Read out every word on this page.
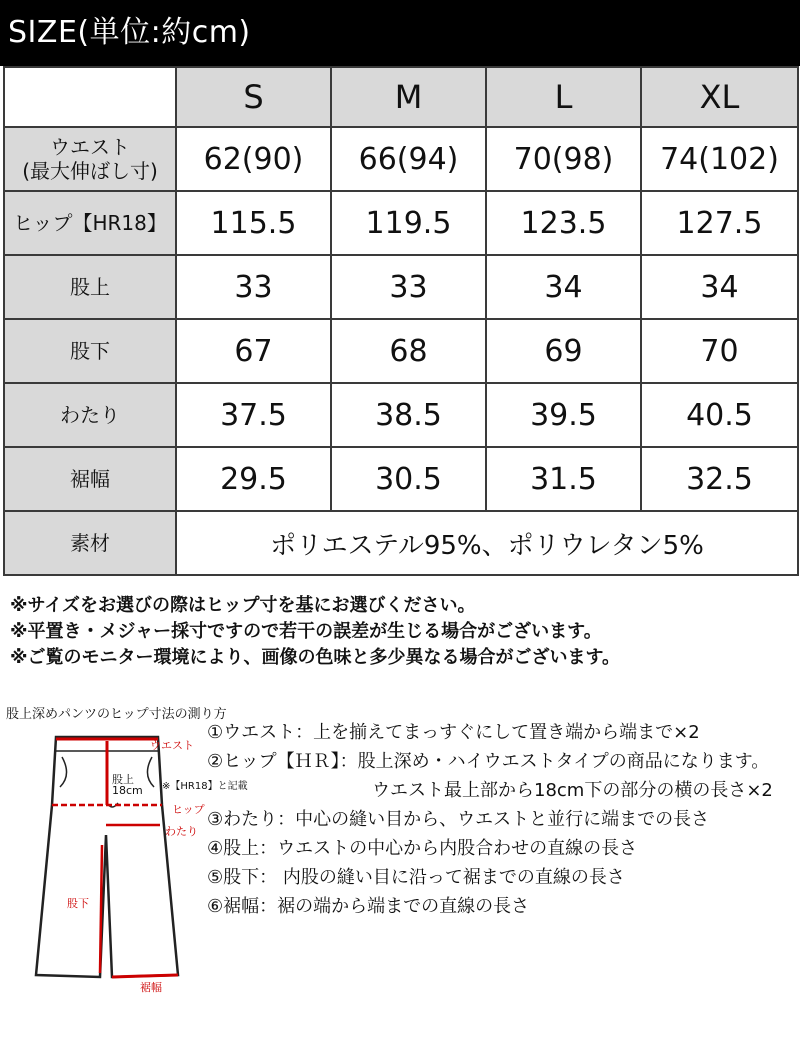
SIZE(単位:約cm)
	S	M	L	XL
ウエスト
(最大伸ばし寸)	62(90)	66(94)	70(98)	74(102)
ヒップ【HR18】	115.5	119.5	123.5	127.5
股上	33	33	34	34
股下	67	68	69	70
わたり	37.5	38.5	39.5	40.5
裾幅	29.5	30.5	31.5	32.5
素材	ポリエステル95%、ポリウレタン5%			
※サイズをお選びの際はヒップ寸を基にお選びください。
※平置き・メジャー採寸ですので若干の誤差が生じる場合がございます。
※ご覧のモニター環境により、画像の色味と多少異なる場合がございます。
股上深めパンツのヒップ寸法の測り方
ウエスト
股上
18cm ※【HR18】と記載
ヒップ
わたり
股下
裾幅
①ウエスト：上を揃えてまっすぐにして置き端から端まで×2
②ヒップ【ＨＲ】：股上深め・ハイウエストタイプの商品になります。
ウエスト最上部から18cm下の部分の横の長さ×2
③わたり：中心の縫い目から、ウエストと並行に端までの長さ
④股上：ウエストの中心から内股合わせの直線の長さ
⑤股下： 内股の縫い目に沿って裾までの直線の長さ
⑥裾幅：裾の端から端までの直線の長さ
